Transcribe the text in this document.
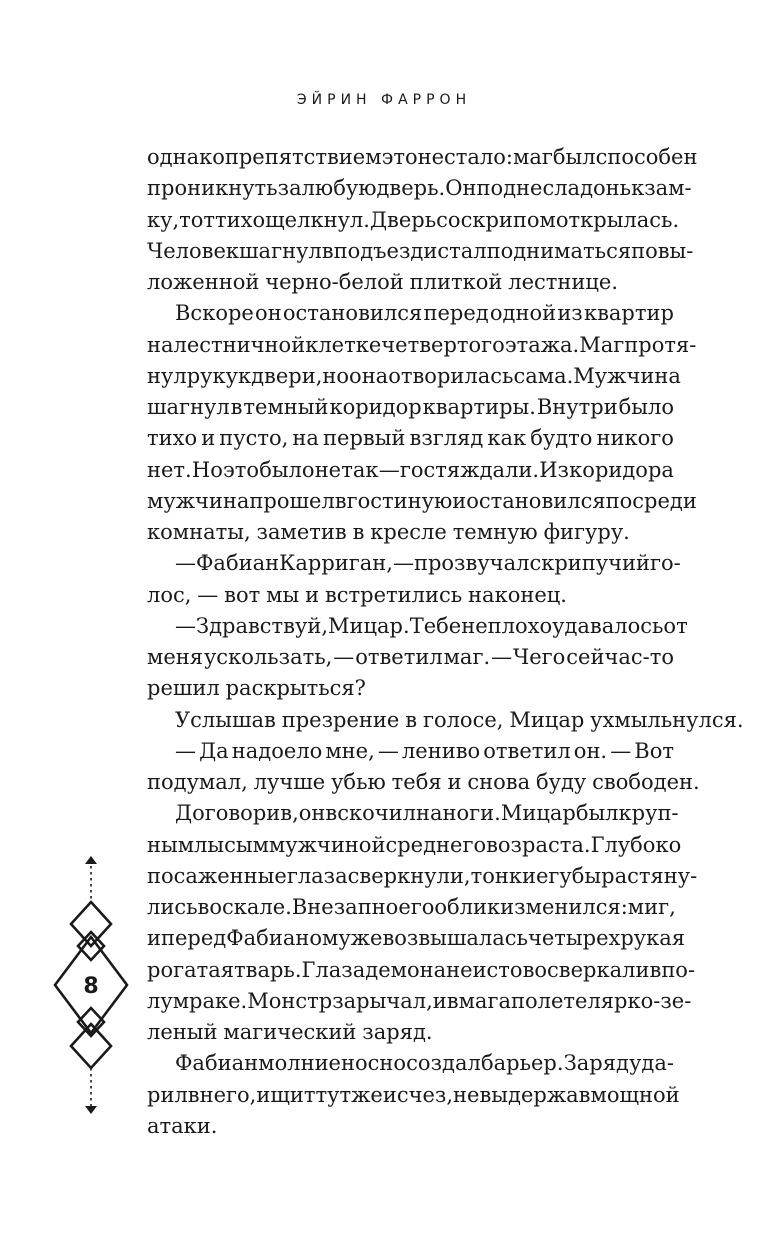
ЭЙРИН ФАРРОН
однако препятствием это не стало: маг был способен
проникнуть за любую дверь. Он поднес ладонь к зам-
ку, тот тихо щелкнул. Дверь со скрипом открылась.
Человек шагнул в подъезд и стал подниматься по вы-
ложенной черно-белой плиткой лестнице.
Вскоре он остановился перед одной из квартир
на лестничной клетке четвертого этажа. Маг протя-
нул руку к двери, но она отворилась сама. Мужчина
шагнул в темный коридор квартиры. Внутри было
тихо и пусто, на первый взгляд как будто никого
нет. Но это было не так — гостя ждали. Из коридора
мужчина прошел в гостиную и остановился посреди
комнаты, заметив в кресле темную фигуру.
— Фабиан Карриган, — прозвучал скрипучий го-
лос, — вот мы и встретились наконец.
— Здравствуй, Мицар. Тебе неплохо удавалось от
меня ускользать, — ответил маг. — Чего сейчас-то
решил раскрыться?
Услышав презрение в голосе, Мицар ухмыльнулся.
— Да надоело мне, — лениво ответил он. — Вот
подумал, лучше убью тебя и снова буду свободен.
Договорив, он вскочил на ноги. Мицар был круп-
ным лысым мужчиной среднего возраста. Глубоко
посаженные глаза сверкнули, тонкие губы растяну-
лись в оскале. Внезапно его облик изменился: миг,
и перед Фабианом уже возвышалась четырехрукая
рогатая тварь. Глаза демона неистово сверкали в по-
лумраке. Монстр зарычал, и в мага полетел ярко-зе-
леный магический заряд.
Фабиан молниеносно создал барьер. Заряд уда-
рил в него, и щит тут же исчез, не выдержав мощной
атаки.
8
